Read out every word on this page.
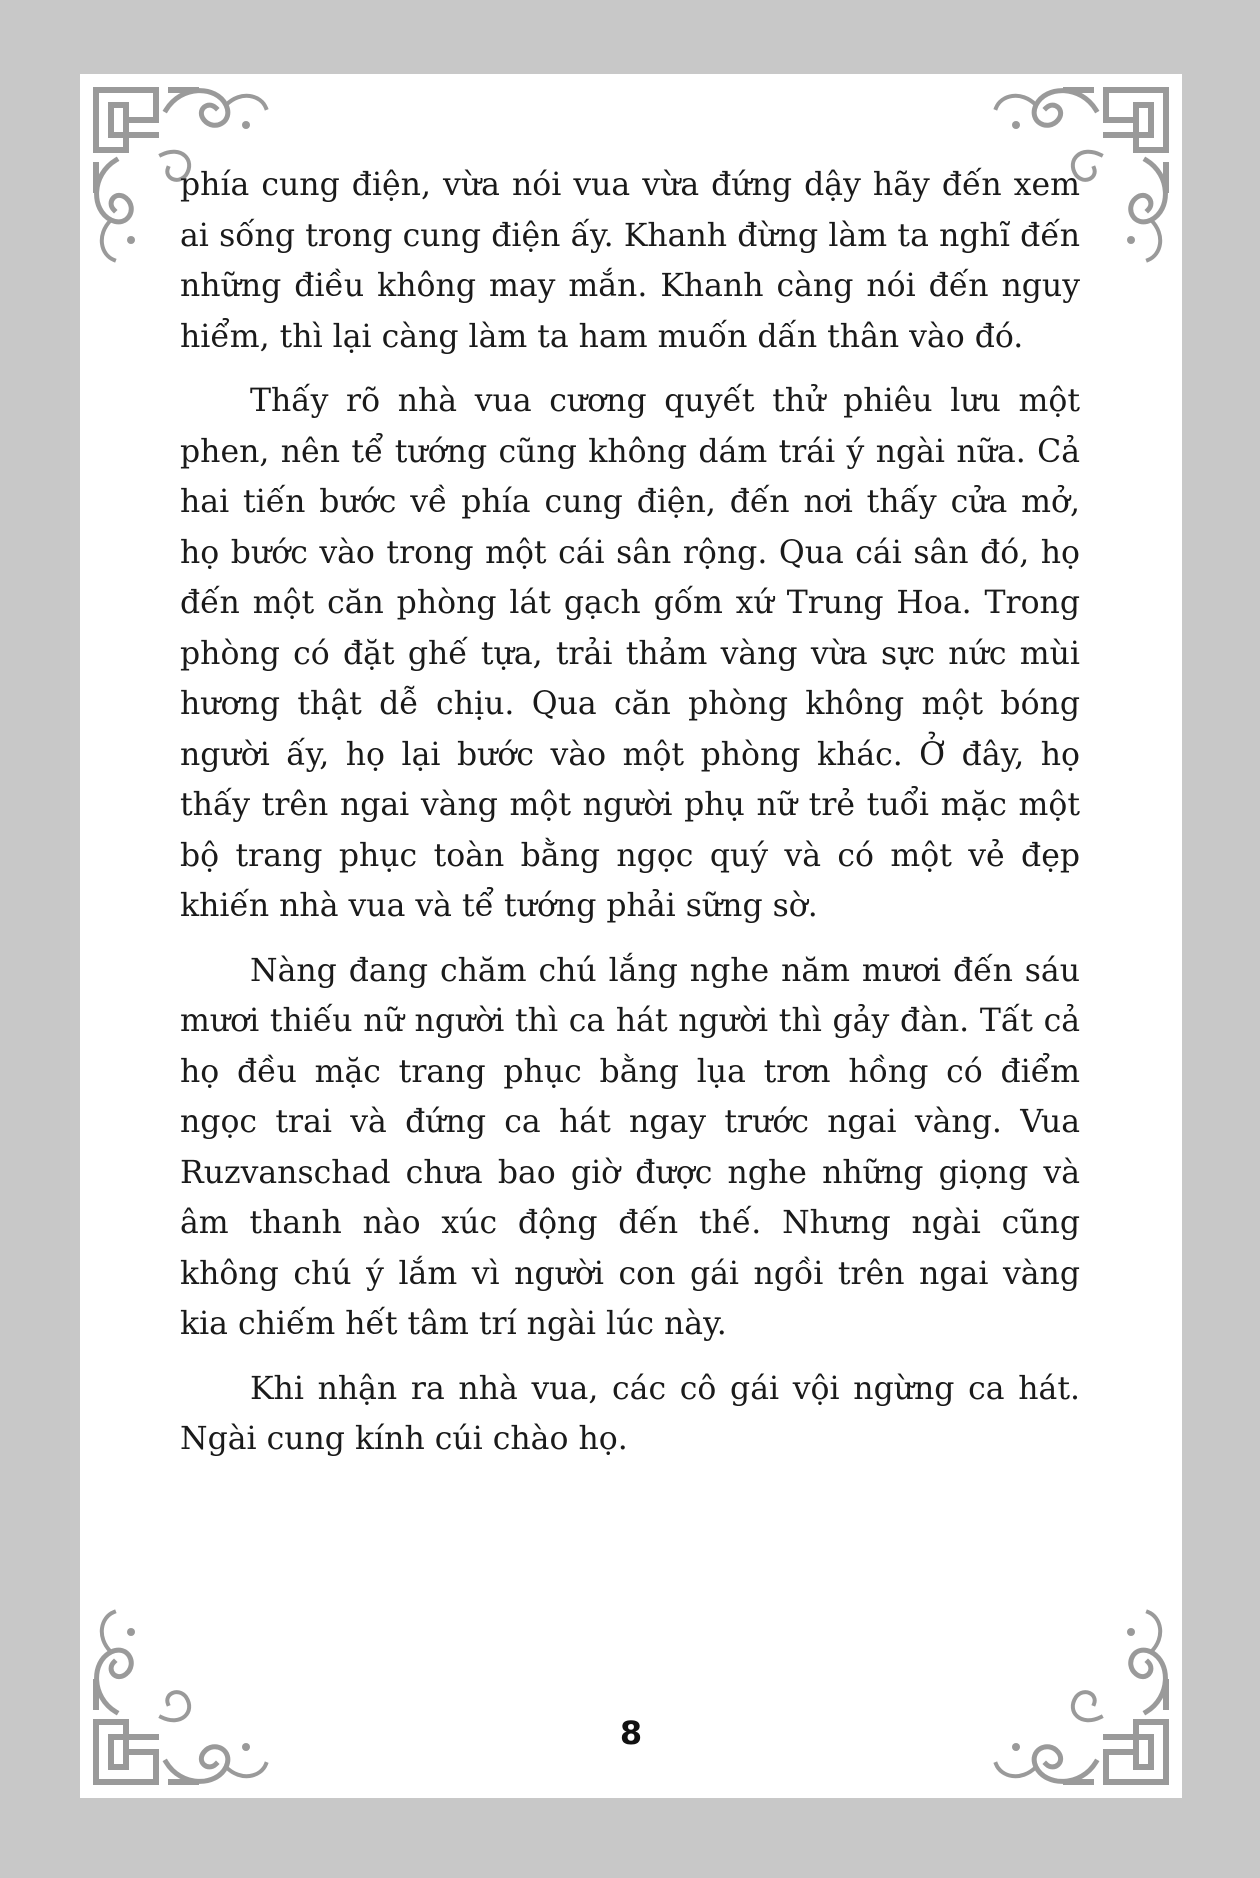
phía cung điện, vừa nói vua vừa đứng dậy hãy đến xem ai sống trong cung điện ấy. Khanh đừng làm ta nghĩ đến những điều không may mắn. Khanh càng nói đến nguy hiểm, thì lại càng làm ta ham muốn dấn thân vào đó.

Thấy rõ nhà vua cương quyết thử phiêu lưu một phen, nên tể tướng cũng không dám trái ý ngài nữa. Cả hai tiến bước về phía cung điện, đến nơi thấy cửa mở, họ bước vào trong một cái sân rộng. Qua cái sân đó, họ đến một căn phòng lát gạch gốm xứ Trung Hoa. Trong phòng có đặt ghế tựa, trải thảm vàng vừa sực nức mùi hương thật dễ chịu. Qua căn phòng không một bóng người ấy, họ lại bước vào một phòng khác. Ở đây, họ thấy trên ngai vàng một người phụ nữ trẻ tuổi mặc một bộ trang phục toàn bằng ngọc quý và có một vẻ đẹp khiến nhà vua và tể tướng phải sững sờ.

Nàng đang chăm chú lắng nghe năm mươi đến sáu mươi thiếu nữ người thì ca hát người thì gảy đàn. Tất cả họ đều mặc trang phục bằng lụa trơn hồng có điểm ngọc trai và đứng ca hát ngay trước ngai vàng. Vua Ruzvanschad chưa bao giờ được nghe những giọng và âm thanh nào xúc động đến thế. Nhưng ngài cũng không chú ý lắm vì người con gái ngồi trên ngai vàng kia chiếm hết tâm trí ngài lúc này.

Khi nhận ra nhà vua, các cô gái vội ngừng ca hát. Ngài cung kính cúi chào họ.

8
